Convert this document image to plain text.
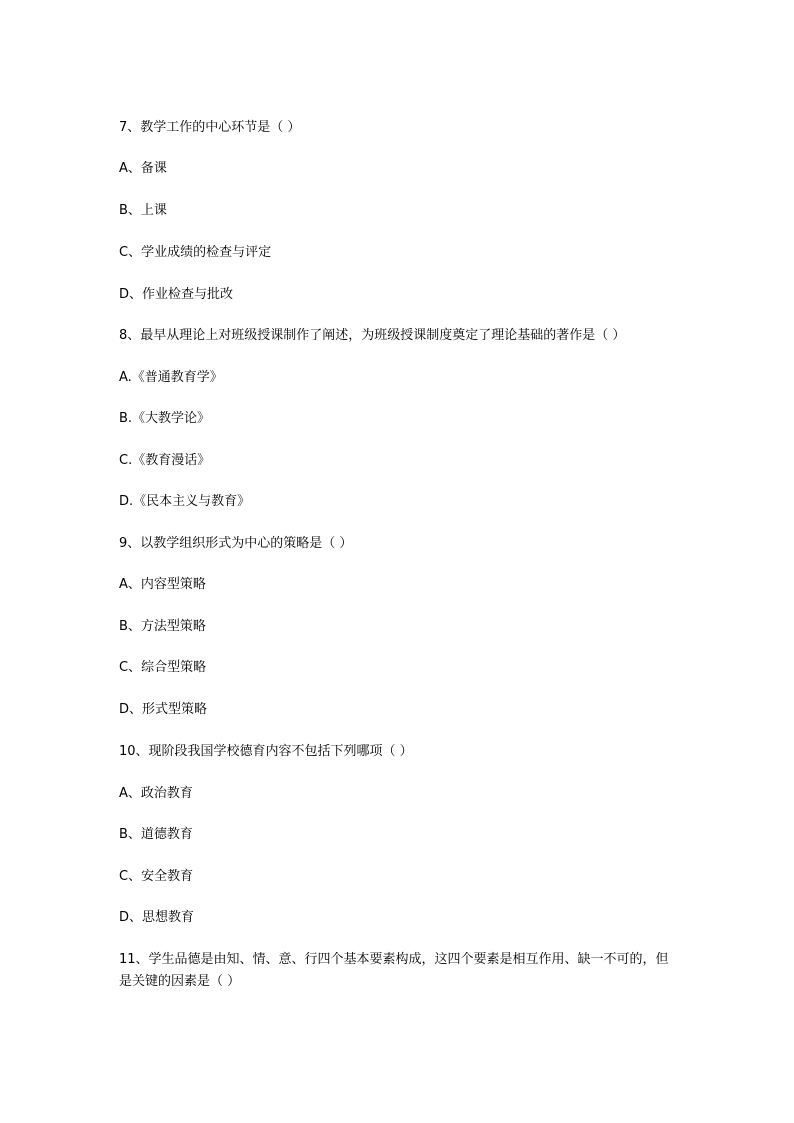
7、教学工作的中心环节是（ ）
A、备课
B、上课
C、学业成绩的检查与评定
D、作业检查与批改
8、最早从理论上对班级授课制作了阐述，为班级授课制度奠定了理论基础的著作是（ ）
A.《普通教育学》
B.《大教学论》
C.《教育漫话》
D.《民本主义与教育》
9、以教学组织形式为中心的策略是（ ）
A、内容型策略
B、方法型策略
C、综合型策略
D、形式型策略
10、现阶段我国学校德育内容不包括下列哪项（ ）
A、政治教育
B、道德教育
C、安全教育
D、思想教育
11、学生品德是由知、情、意、行四个基本要素构成，这四个要素是相互作用、缺一不可的，但是关键的因素是（ ）
